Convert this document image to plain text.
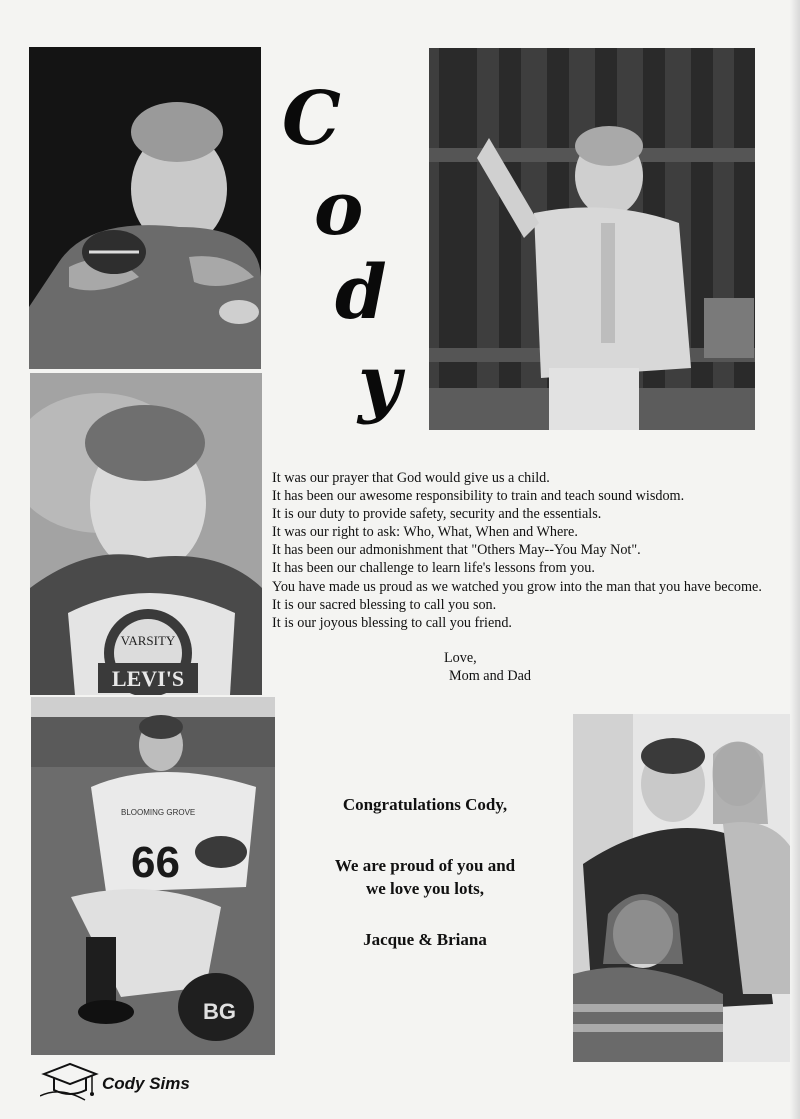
C
o
d
y
VARSITY
LEVI'S
It was our prayer that God would give us a child.
It has been our awesome responsibility to train and teach sound wisdom.
It is our duty to provide safety, security and the essentials.
It was our right to ask: Who, What, When and Where.
It has been our admonishment that "Others May--You May Not".
It has been our challenge to learn life's lessons from you.
You have made us proud as we watched you grow into the man that you have become.
It is our sacred blessing to call you son.
It is our joyous blessing to call you friend.
Love,
Mom and Dad
BLOOMING GROVE
66
BG
Congratulations Cody,
We are proud of you and
we love you lots,
Jacque & Briana
Cody Sims
